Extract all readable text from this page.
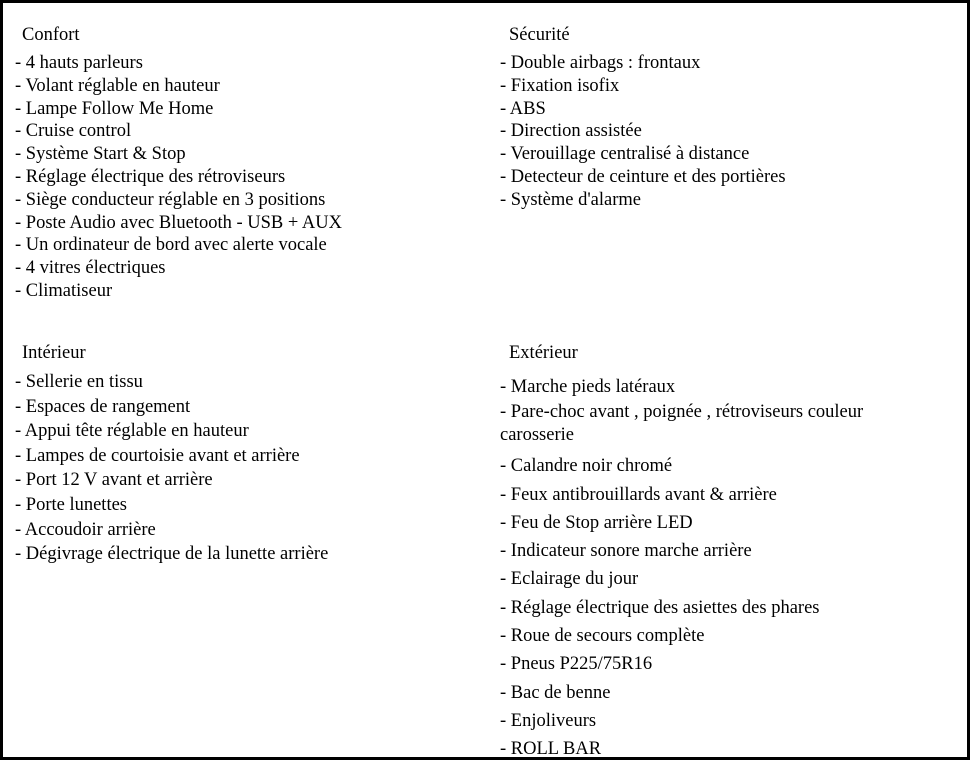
Confort
- 4 hauts parleurs
- Volant réglable en hauteur
- Lampe Follow Me Home
- Cruise control
- Système Start & Stop
- Réglage électrique des rétroviseurs
- Siège conducteur réglable en 3 positions
- Poste Audio avec Bluetooth - USB + AUX
- Un ordinateur de bord avec alerte vocale
- 4 vitres électriques
- Climatiseur
Sécurité
- Double airbags : frontaux
- Fixation isofix
- ABS
- Direction assistée
- Verouillage centralisé à distance
- Detecteur de ceinture et des portières
- Système d'alarme
Intérieur
- Sellerie en tissu
- Espaces de rangement
- Appui tête réglable en hauteur
- Lampes de courtoisie avant et arrière
- Port 12 V avant et arrière
- Porte lunettes
- Accoudoir arrière
- Dégivrage électrique de la lunette arrière
Extérieur
- Marche pieds latéraux
- Pare-choc avant , poignée , rétroviseurs couleur carosserie
- Calandre noir chromé
- Feux antibrouillards avant & arrière
- Feu de Stop arrière LED
- Indicateur sonore marche arrière
- Eclairage du jour
- Réglage électrique des asiettes des phares
- Roue de secours complète
- Pneus P225/75R16
- Bac de benne
- Enjoliveurs
- ROLL BAR
